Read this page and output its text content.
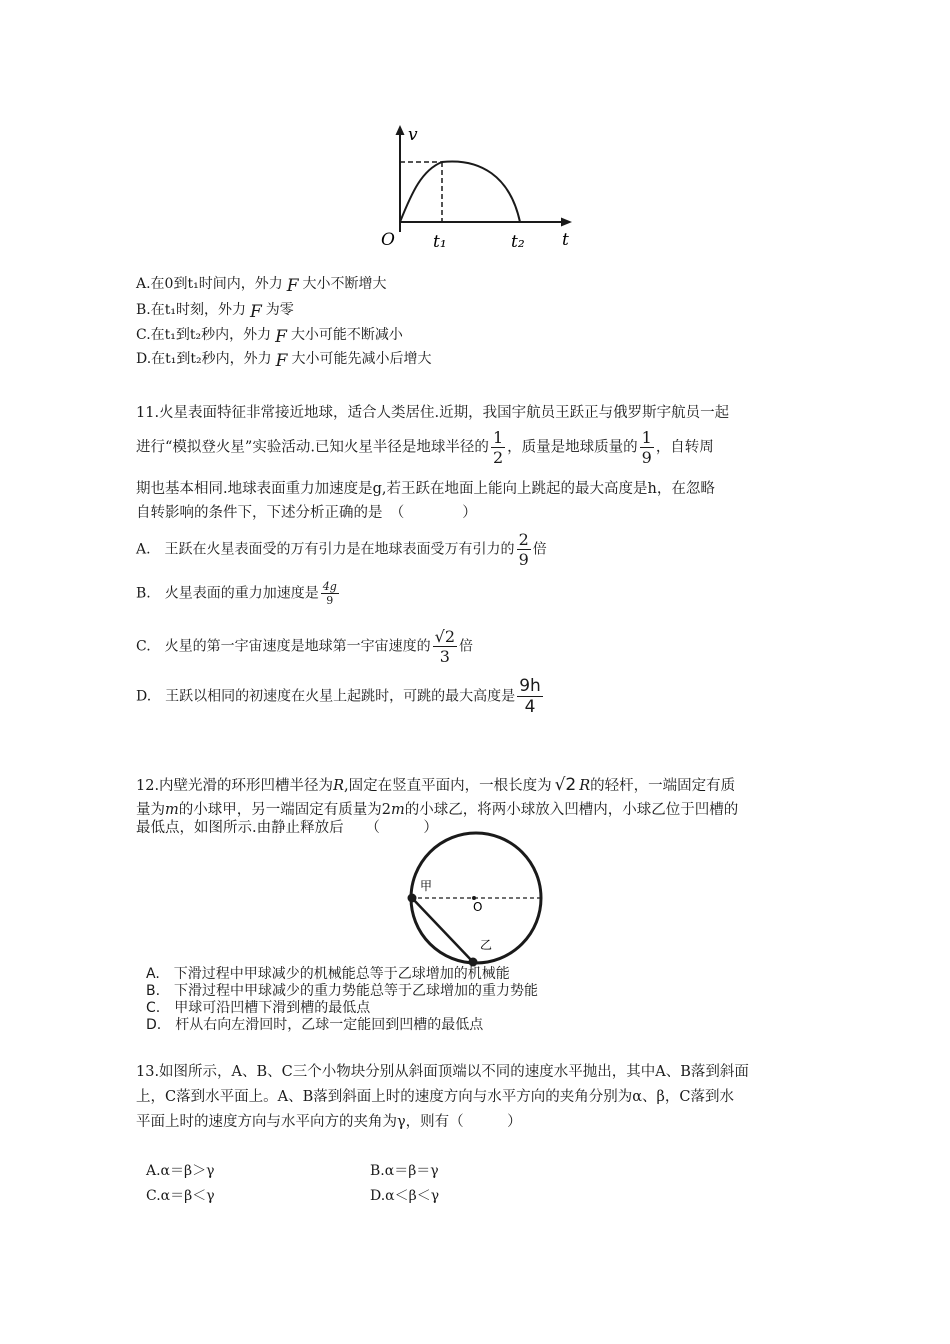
v
t
O t₁	t₂
A.在0到t₁时间内，外力 F 大小不断增大
B.在t₁时刻，外力 F 为零
C.在t₁到t₂秒内，外力 F 大小可能不断减小
D.在t₁到t₂秒内，外力 F 大小可能先减小后增大
11.火星表面特征非常接近地球，适合人类居住.近期，我国宇航员王跃正与俄罗斯宇航员一起
进行“模拟登火星”实验活动.已知火星半径是地球半径的 $\frac{1}{2}$ ，质量是地球质量的 $\frac{1}{9}$ ，自转周
期也基本相同.地球表面重力加速度是g,若王跃在地面上能向上跳起的最大高度是h，在忽略
自转影响的条件下，下述分析正确的是　（　　　　）
A.　王跃在火星表面受的万有引力是在地球表面受万有引力的 $\frac{2}{9}$ 倍
B.　火星表面的重力加速度是 $\frac{4g}{9}$
C.　火星的第一宇宙速度是地球第一宇宙速度的 $\frac{√2}{3}$ 倍
D.　王跃以相同的初速度在火星上起跳时，可跳的最大高度是 $\frac{9h}{4}$
12.内壁光滑的环形凹槽半径为R,固定在竖直平面内，一根长度为 √2 R的轻杆，一端固定有质
量为m的小球甲，另一端固定有质量为2m的小球乙，将两小球放入凹槽内，小球乙位于凹槽的
最低点，如图所示.由静止释放后　　（　　　）
甲
O
乙
A.　下滑过程中甲球减少的机械能总等于乙球增加的机械能
B.　下滑过程中甲球减少的重力势能总等于乙球增加的重力势能
C.　甲球可沿凹槽下滑到槽的最低点
D.　杆从右向左滑回时，乙球一定能回到凹槽的最低点
13.如图所示，A、B、C三个小物块分别从斜面顶端以不同的速度水平抛出，其中A、B落到斜面
上，C落到水平面上。A、B落到斜面上时的速度方向与水平方向的夹角分别为α、β，C落到水
平面上时的速度方向与水平向方的夹角为γ，则有（　　　）
A.α＝β＞γ	B.α＝β＝γ
C.α＝β＜γ	D.α＜β＜γ
